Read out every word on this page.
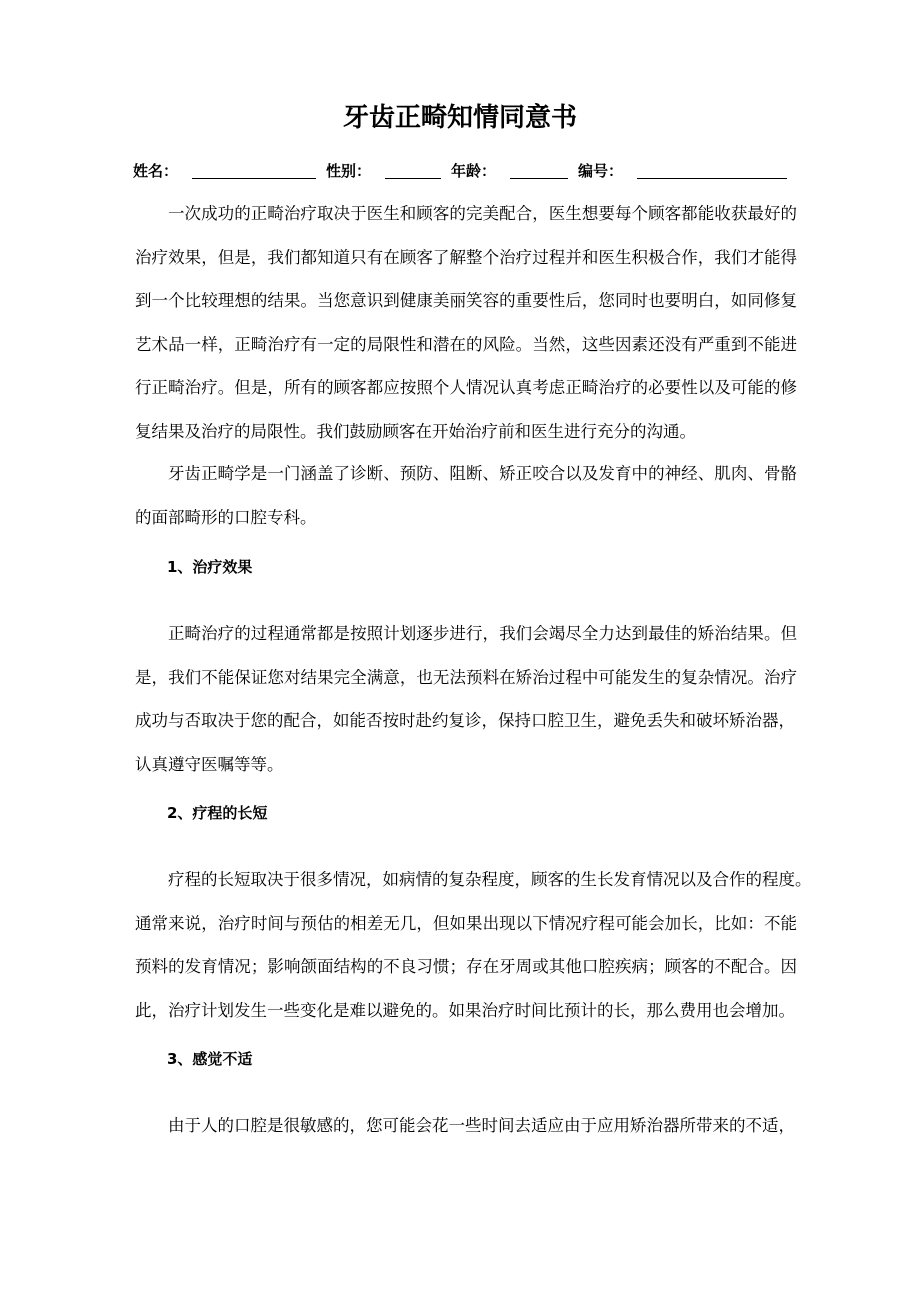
牙齿正畸知情同意书
姓名：	性别：	年龄：	编号：
一次成功的正畸治疗取决于医生和顾客的完美配合，医生想要每个顾客都能收获最好的
治疗效果，但是，我们都知道只有在顾客了解整个治疗过程并和医生积极合作，我们才能得
到一个比较理想的结果。当您意识到健康美丽笑容的重要性后，您同时也要明白，如同修复
艺术品一样，正畸治疗有一定的局限性和潜在的风险。当然，这些因素还没有严重到不能进
行正畸治疗。但是，所有的顾客都应按照个人情况认真考虑正畸治疗的必要性以及可能的修
复结果及治疗的局限性。我们鼓励顾客在开始治疗前和医生进行充分的沟通。
牙齿正畸学是一门涵盖了诊断、预防、阻断、矫正咬合以及发育中的神经、肌肉、骨骼
的面部畸形的口腔专科。
1、治疗效果
正畸治疗的过程通常都是按照计划逐步进行，我们会竭尽全力达到最佳的矫治结果。但
是，我们不能保证您对结果完全满意，也无法预料在矫治过程中可能发生的复杂情况。治疗
成功与否取决于您的配合，如能否按时赴约复诊，保持口腔卫生，避免丢失和破坏矫治器，
认真遵守医嘱等等。
2、疗程的长短
疗程的长短取决于很多情况，如病情的复杂程度，顾客的生长发育情况以及合作的程度。
通常来说，治疗时间与预估的相差无几，但如果出现以下情况疗程可能会加长，比如：不能
预料的发育情况；影响颌面结构的不良习惯；存在牙周或其他口腔疾病；顾客的不配合。因
此，治疗计划发生一些变化是难以避免的。如果治疗时间比预计的长，那么费用也会增加。
3、感觉不适
由于人的口腔是很敏感的，您可能会花一些时间去适应由于应用矫治器所带来的不适，
